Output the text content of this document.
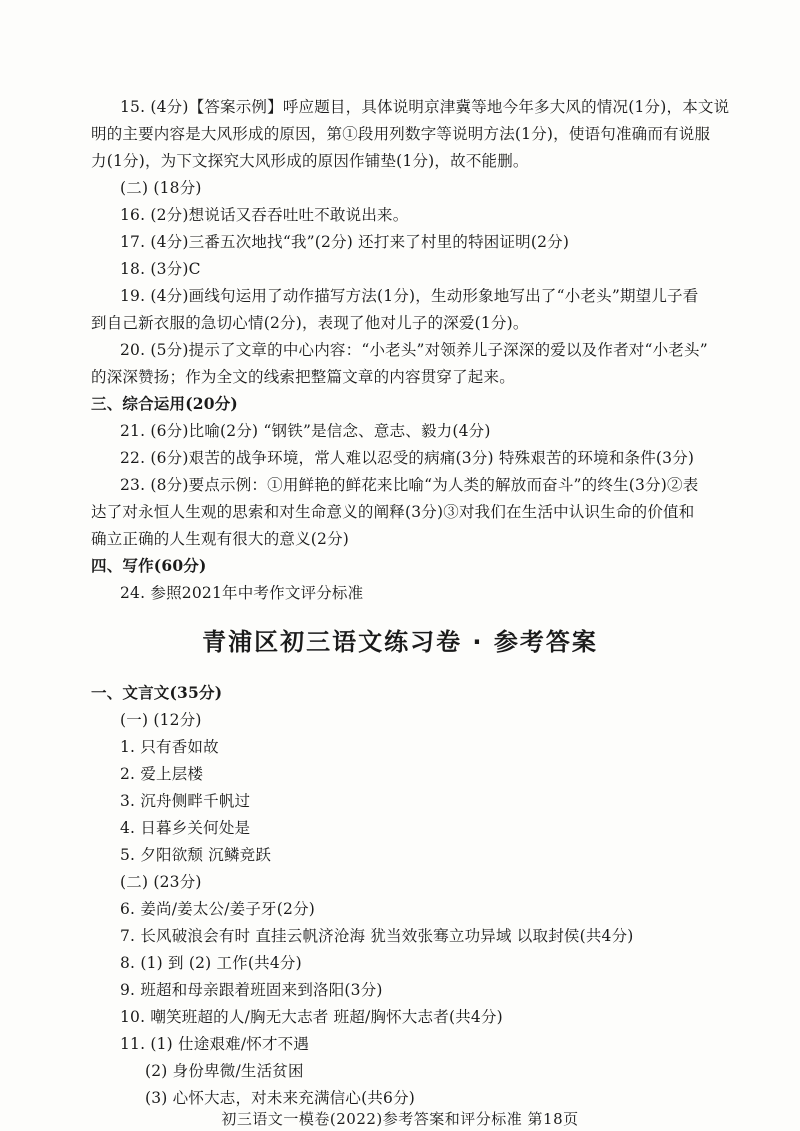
15. (4分)【答案示例】呼应题目，具体说明京津冀等地今年多大风的情况(1分)，本文说
明的主要内容是大风形成的原因，第①段用列数字等说明方法(1分)，使语句准确而有说服
力(1分)，为下文探究大风形成的原因作铺垫(1分)，故不能删。
(二) (18分)
16. (2分)想说话又吞吞吐吐不敢说出来。
17. (4分)三番五次地找“我”(2分) 还打来了村里的特困证明(2分)
18. (3分)C
19. (4分)画线句运用了动作描写方法(1分)，生动形象地写出了“小老头”期望儿子看
到自己新衣服的急切心情(2分)，表现了他对儿子的深爱(1分)。
20. (5分)提示了文章的中心内容：“小老头”对领养儿子深深的爱以及作者对“小老头”
的深深赞扬；作为全文的线索把整篇文章的内容贯穿了起来。
三、综合运用(20分)
21. (6分)比喻(2分) “钢铁”是信念、意志、毅力(4分)
22. (6分)艰苦的战争环境，常人难以忍受的病痛(3分) 特殊艰苦的环境和条件(3分)
23. (8分)要点示例：①用鲜艳的鲜花来比喻“为人类的解放而奋斗”的终生(3分)②表
达了对永恒人生观的思索和对生命意义的阐释(3分)③对我们在生活中认识生命的价值和
确立正确的人生观有很大的意义(2分)
四、写作(60分)
24. 参照2021年中考作文评分标准
青浦区初三语文练习卷 · 参考答案
一、文言文(35分)
(一) (12分)
1. 只有香如故
2. 爱上层楼
3. 沉舟侧畔千帆过
4. 日暮乡关何处是
5. 夕阳欲颓 沉鳞竞跃
(二) (23分)
6. 姜尚/姜太公/姜子牙(2分)
7. 长风破浪会有时 直挂云帆济沧海 犹当效张骞立功异域 以取封侯(共4分)
8. (1) 到 (2) 工作(共4分)
9. 班超和母亲跟着班固来到洛阳(3分)
10. 嘲笑班超的人/胸无大志者 班超/胸怀大志者(共4分)
11. (1) 仕途艰难/怀才不遇
(2) 身份卑微/生活贫困
(3) 心怀大志，对未来充满信心(共6分)
初三语文一模卷(2022)参考答案和评分标准 第18页
